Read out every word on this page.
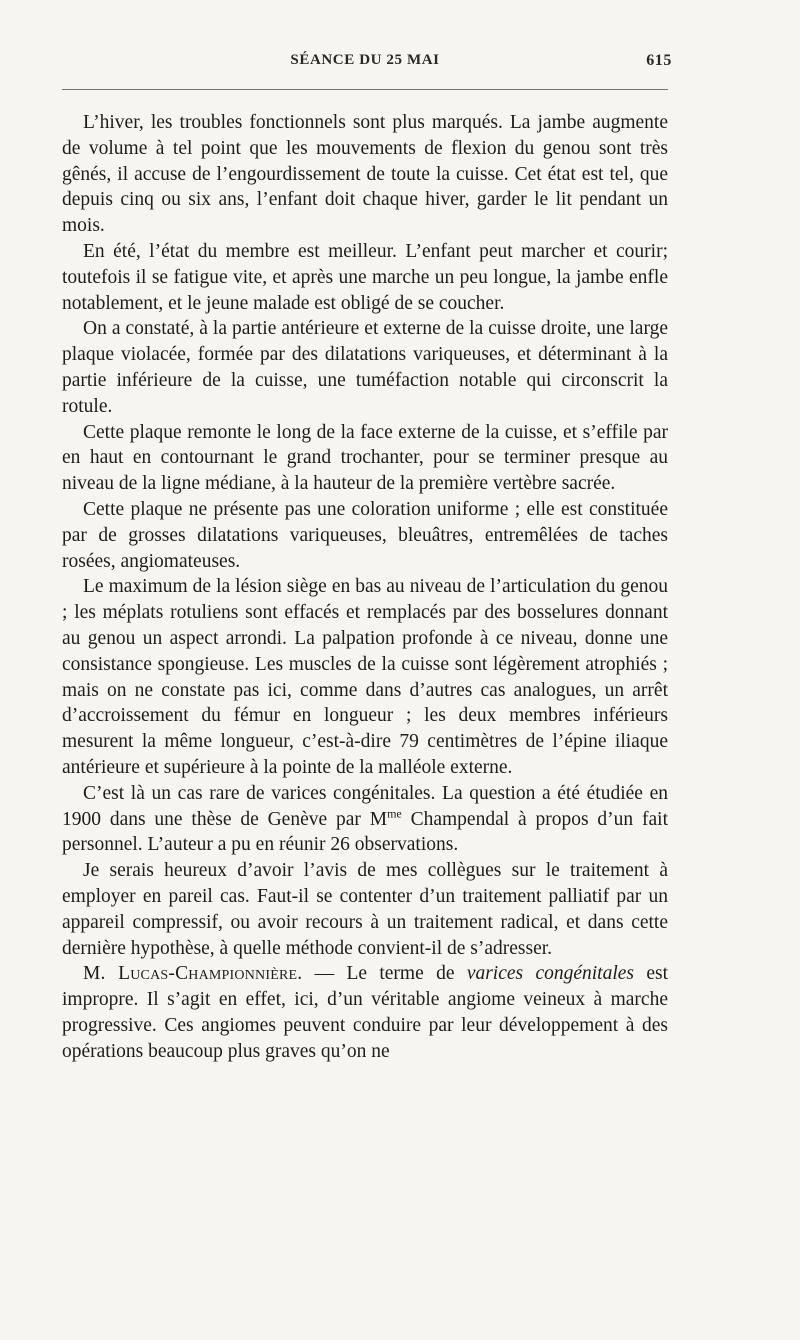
SÉANCE DU 25 MAI	615

L’hiver, les troubles fonctionnels sont plus marqués. La jambe augmente de volume à tel point que les mouvements de flexion du genou sont très gênés, il accuse de l’engourdissement de toute la cuisse. Cet état est tel, que depuis cinq ou six ans, l’enfant doit chaque hiver, garder le lit pendant un mois.

En été, l’état du membre est meilleur. L’enfant peut marcher et courir; toutefois il se fatigue vite, et après une marche un peu longue, la jambe enfle notablement, et le jeune malade est obligé de se coucher.

On a constaté, à la partie antérieure et externe de la cuisse droite, une large plaque violacée, formée par des dilatations variqueuses, et déterminant à la partie inférieure de la cuisse, une tuméfaction notable qui circonscrit la rotule.

Cette plaque remonte le long de la face externe de la cuisse, et s’effile par en haut en contournant le grand trochanter, pour se terminer presque au niveau de la ligne médiane, à la hauteur de la première vertèbre sacrée.

Cette plaque ne présente pas une coloration uniforme ; elle est constituée par de grosses dilatations variqueuses, bleuâtres, entremêlées de taches rosées, angiomateuses.

Le maximum de la lésion siège en bas au niveau de l’articulation du genou ; les méplats rotuliens sont effacés et remplacés par des bosselures donnant au genou un aspect arrondi. La palpation profonde à ce niveau, donne une consistance spongieuse. Les muscles de la cuisse sont légèrement atrophiés ; mais on ne constate pas ici, comme dans d’autres cas analogues, un arrêt d’accroissement du fémur en longueur ; les deux membres inférieurs mesurent la même longueur, c’est-à-dire 79 centimètres de l’épine iliaque antérieure et supérieure à la pointe de la malléole externe.

C’est là un cas rare de varices congénitales. La question a été étudiée en 1900 dans une thèse de Genève par $M^{me}$ Champendal à propos d’un fait personnel. L’auteur a pu en réunir 26 observations.

Je serais heureux d’avoir l’avis de mes collègues sur le traitement à employer en pareil cas. Faut-il se contenter d’un traitement palliatif par un appareil compressif, ou avoir recours à un traitement radical, et dans cette dernière hypothèse, à quelle méthode convient-il de s’adresser.

M. Lucas-Championnière. — Le terme de varices congénitales est impropre. Il s’agit en effet, ici, d’un véritable angiome veineux à marche progressive. Ces angiomes peuvent conduire par leur développement à des opérations beaucoup plus graves qu’on ne
